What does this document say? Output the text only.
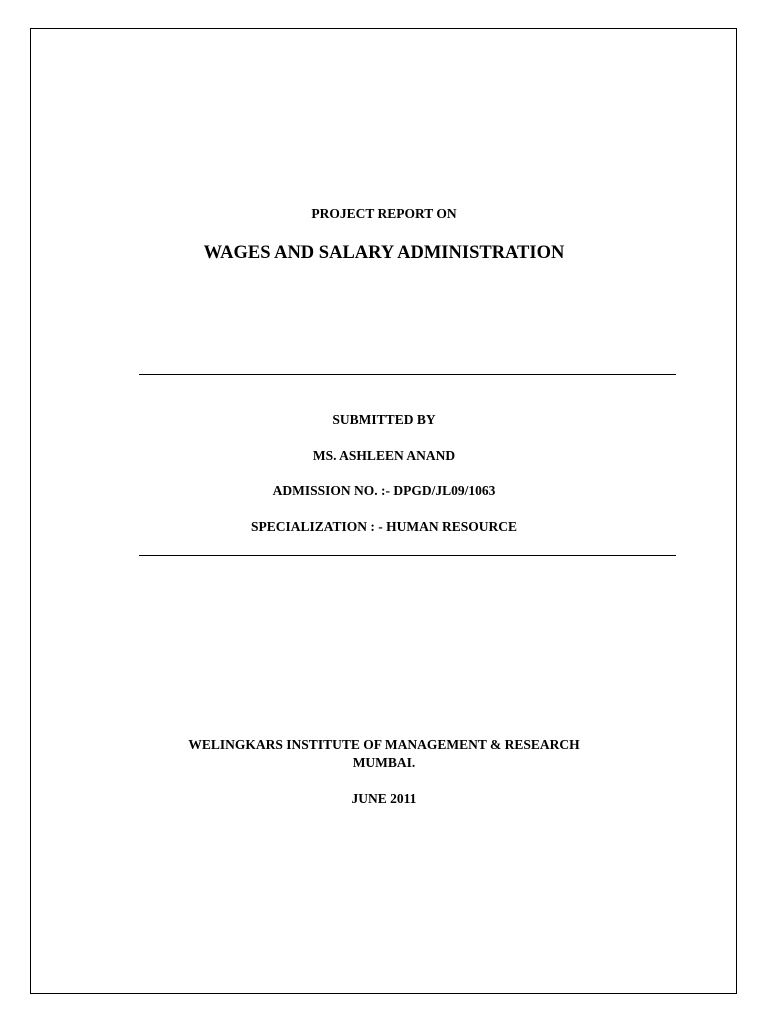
PROJECT REPORT ON
WAGES AND SALARY ADMINISTRATION
SUBMITTED BY
MS. ASHLEEN ANAND
ADMISSION NO. :- DPGD/JL09/1063
SPECIALIZATION : - HUMAN RESOURCE
WELINGKARS INSTITUTE OF MANAGEMENT & RESEARCH
MUMBAI.
JUNE 2011
